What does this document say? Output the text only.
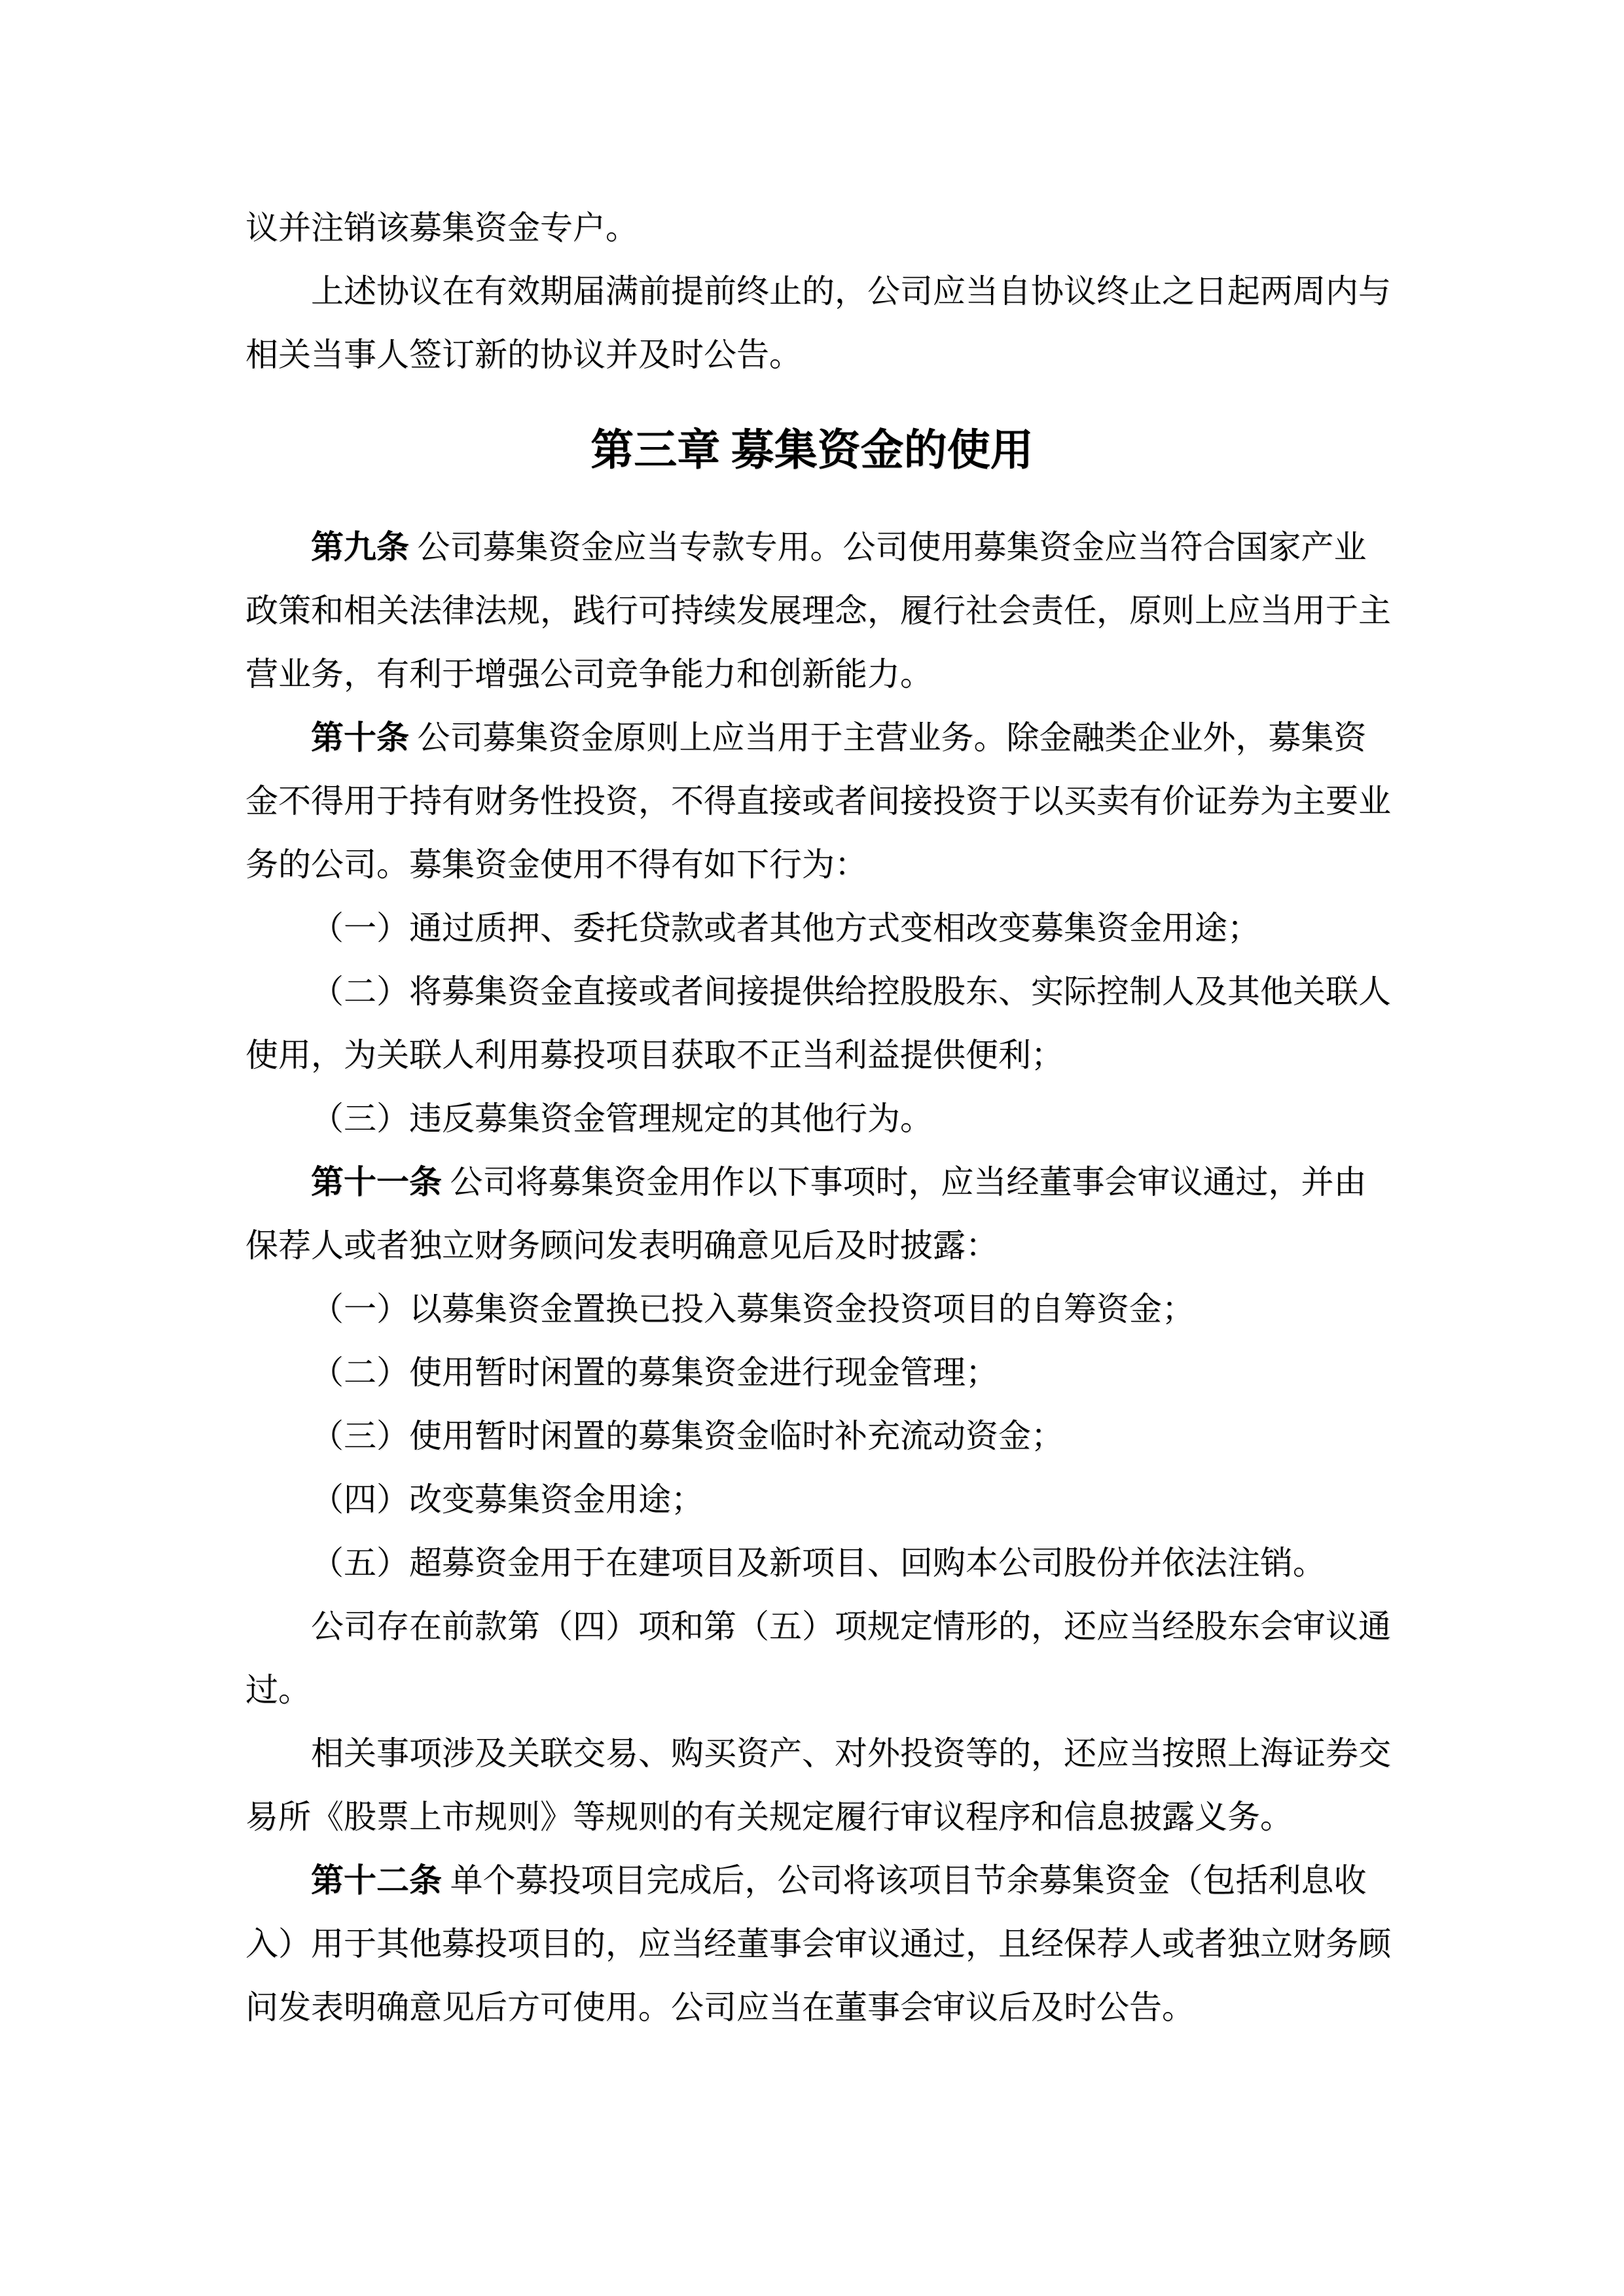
议并注销该募集资金专户。
上述协议在有效期届满前提前终止的，公司应当自协议终止之日起两周内与
相关当事人签订新的协议并及时公告。
第三章 募集资金的使用
第九条 公司募集资金应当专款专用。公司使用募集资金应当符合国家产业
政策和相关法律法规，践行可持续发展理念，履行社会责任，原则上应当用于主
营业务，有利于增强公司竞争能力和创新能力。
第十条 公司募集资金原则上应当用于主营业务。除金融类企业外，募集资
金不得用于持有财务性投资，不得直接或者间接投资于以买卖有价证券为主要业
务的公司。募集资金使用不得有如下行为：
（一）通过质押、委托贷款或者其他方式变相改变募集资金用途；
（二）将募集资金直接或者间接提供给控股股东、实际控制人及其他关联人
使用，为关联人利用募投项目获取不正当利益提供便利；
（三）违反募集资金管理规定的其他行为。
第十一条 公司将募集资金用作以下事项时，应当经董事会审议通过，并由
保荐人或者独立财务顾问发表明确意见后及时披露：
（一）以募集资金置换已投入募集资金投资项目的自筹资金；
（二）使用暂时闲置的募集资金进行现金管理；
（三）使用暂时闲置的募集资金临时补充流动资金；
（四）改变募集资金用途；
（五）超募资金用于在建项目及新项目、回购本公司股份并依法注销。
公司存在前款第（四）项和第（五）项规定情形的，还应当经股东会审议通
过。
相关事项涉及关联交易、购买资产、对外投资等的，还应当按照上海证券交
易所《股票上市规则》等规则的有关规定履行审议程序和信息披露义务。
第十二条 单个募投项目完成后，公司将该项目节余募集资金（包括利息收
入）用于其他募投项目的，应当经董事会审议通过，且经保荐人或者独立财务顾
问发表明确意见后方可使用。公司应当在董事会审议后及时公告。
